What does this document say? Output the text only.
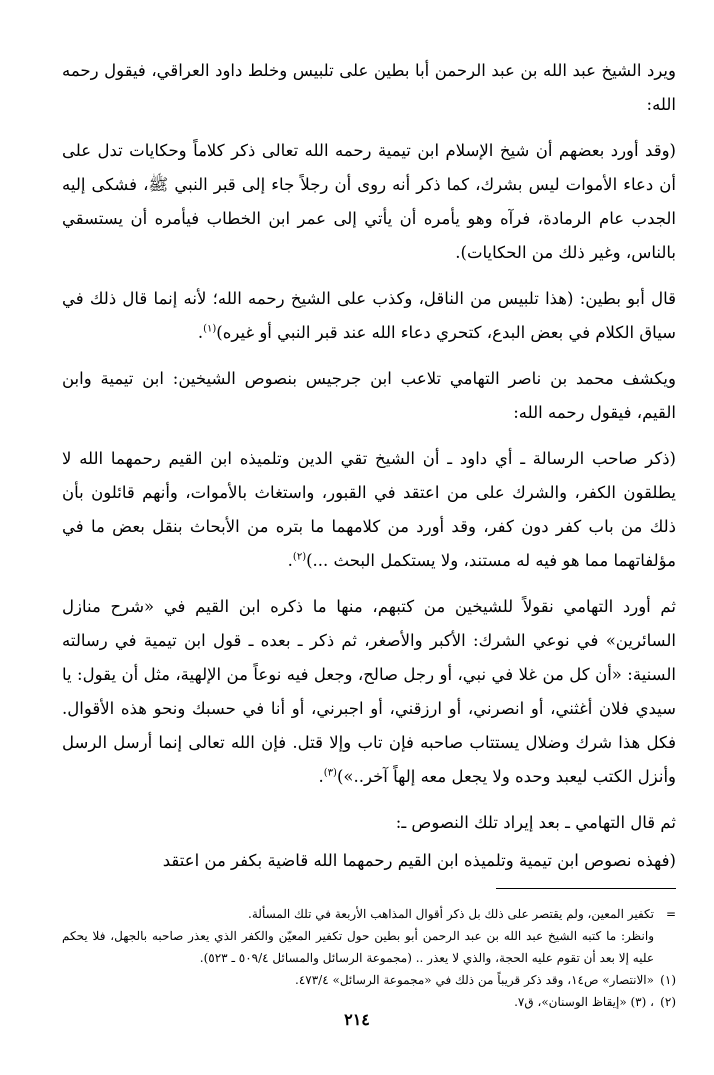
ويرد الشيخ عبد الله بن عبد الرحمن أبا بطين على تلبيس وخلط داود العراقي، فيقول رحمه الله:

(وقد أورد بعضهم أن شيخ الإسلام ابن تيمية رحمه الله تعالى ذكر كلاماً وحكايات تدل على أن دعاء الأموات ليس بشرك، كما ذكر أنه روى أن رجلاً جاء إلى قبر النبي ﷺ، فشكى إليه الجدب عام الرمادة، فرآه وهو يأمره أن يأتي إلى عمر ابن الخطاب فيأمره أن يستسقي بالناس، وغير ذلك من الحكايات).

قال أبو بطين: (هذا تلبيس من الناقل، وكذب على الشيخ رحمه الله؛ لأنه إنما قال ذلك في سياق الكلام في بعض البدع، كتحري دعاء الله عند قبر النبي أو غيره)$^{(١)}$.

ويكشف محمد بن ناصر التهامي تلاعب ابن جرجيس بنصوص الشيخين: ابن تيمية وابن القيم، فيقول رحمه الله:

(ذكر صاحب الرسالة ـ أي داود ـ أن الشيخ تقي الدين وتلميذه ابن القيم رحمهما الله لا يطلقون الكفر، والشرك على من اعتقد في القبور، واستغاث بالأموات، وأنهم قائلون بأن ذلك من باب كفر دون كفر، وقد أورد من كلامهما ما بتره من الأبحاث بنقل بعض ما في مؤلفاتهما مما هو فيه له مستند، ولا يستكمل البحث ...)$^{(٢)}$.

ثم أورد التهامي نقولاً للشيخين من كتبهم، منها ما ذكره ابن القيم في «شرح منازل السائرين» في نوعي الشرك: الأكبر والأصغر، ثم ذكر ـ بعده ـ قول ابن تيمية في رسالته السنية: «أن كل من غلا في نبي، أو رجل صالح، وجعل فيه نوعاً من الإلهية، مثل أن يقول: يا سيدي فلان أغثني، أو انصرني، أو ارزقني، أو اجبرني، أو أنا في حسبك ونحو هذه الأقوال. فكل هذا شرك وضلال يستتاب صاحبه فإن تاب وإلا قتل. فإن الله تعالى إنما أرسل الرسل وأنزل الكتب ليعبد وحده ولا يجعل معه إلهاً آخر..»)$^{(٣)}$.

ثم قال التهامي ـ بعد إيراد تلك النصوص ـ:

(فهذه نصوص ابن تيمية وتلميذه ابن القيم رحمهما الله قاضية بكفر من اعتقد

=
تكفير المعين، ولم يقتصر على ذلك بل ذكر أقوال المذاهب الأربعة في تلك المسألة.

وانظر: ما كتبه الشيخ عبد الله بن عبد الرحمن أبو بطين حول تكفير المعيّن والكفر الذي يعذر صاحبه بالجهل، فلا يحكم عليه إلا بعد أن تقوم عليه الحجة، والذي لا يعذر .. (مجموعة الرسائل والمسائل ٥٠٩/٤ ـ ٥٢٣).

(١)
«الانتصار» ص١٤، وقد ذكر قريباً من ذلك في «مجموعة الرسائل» ٤٧٣/٤.

(٢)
، (٣) «إيقاظ الوسنان»، ق٧.

٢١٤
